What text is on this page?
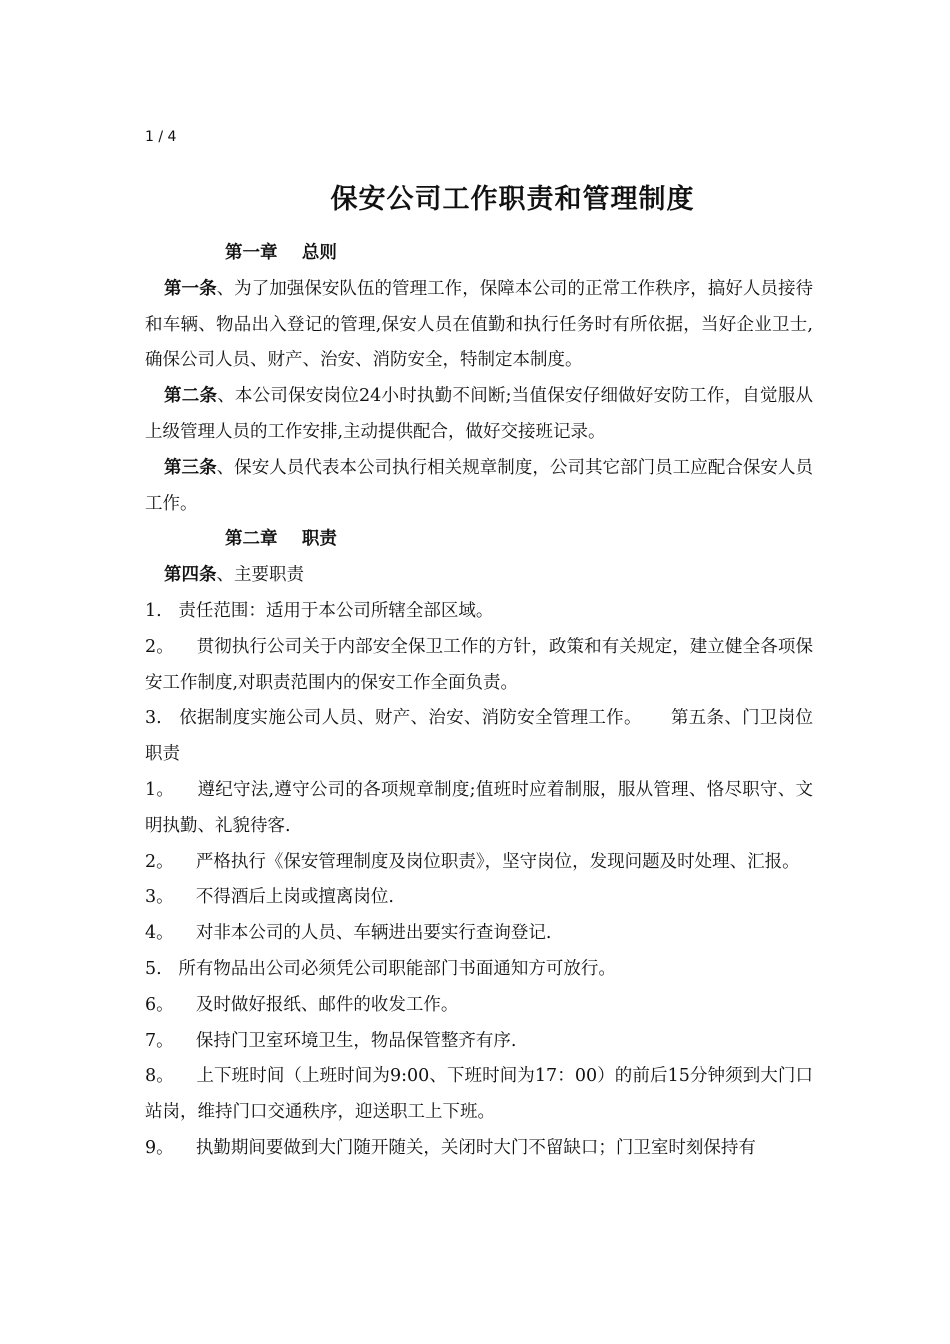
1 / 4
保安公司工作职责和管理制度

第一章    总则

第一条、为了加强保安队伍的管理工作，保障本公司的正常工作秩序，搞好人员接待和车辆、物品出入登记的管理,保安人员在值勤和执行任务时有所依据，当好企业卫士,确保公司人员、财产、治安、消防安全，特制定本制度。

第二条、本公司保安岗位24小时执勤不间断;当值保安仔细做好安防工作，自觉服从上级管理人员的工作安排,主动提供配合，做好交接班记录。

第三条、保安人员代表本公司执行相关规章制度，公司其它部门员工应配合保安人员工作。

第二章    职责

第四条、主要职责

1. 责任范围：适用于本公司所辖全部区域。

2。 贯彻执行公司关于内部安全保卫工作的方针，政策和有关规定，建立健全各项保安工作制度,对职责范围内的保安工作全面负责。

3. 依据制度实施公司人员、财产、治安、消防安全管理工作。     第五条、门卫岗位职责

1。 遵纪守法,遵守公司的各项规章制度;值班时应着制服，服从管理、恪尽职守、文明执勤、礼貌待客.

2。 严格执行《保安管理制度及岗位职责》，坚守岗位，发现问题及时处理、汇报。

3。 不得酒后上岗或擅离岗位.

4。 对非本公司的人员、车辆进出要实行查询登记.

5. 所有物品出公司必须凭公司职能部门书面通知方可放行。

6。 及时做好报纸、邮件的收发工作。

7。 保持门卫室环境卫生，物品保管整齐有序.

8。 上下班时间（上班时间为9:00、下班时间为17：00）的前后15分钟须到大门口站岗，维持门口交通秩序，迎送职工上下班。

9。 执勤期间要做到大门随开随关，关闭时大门不留缺口；门卫室时刻保持有
